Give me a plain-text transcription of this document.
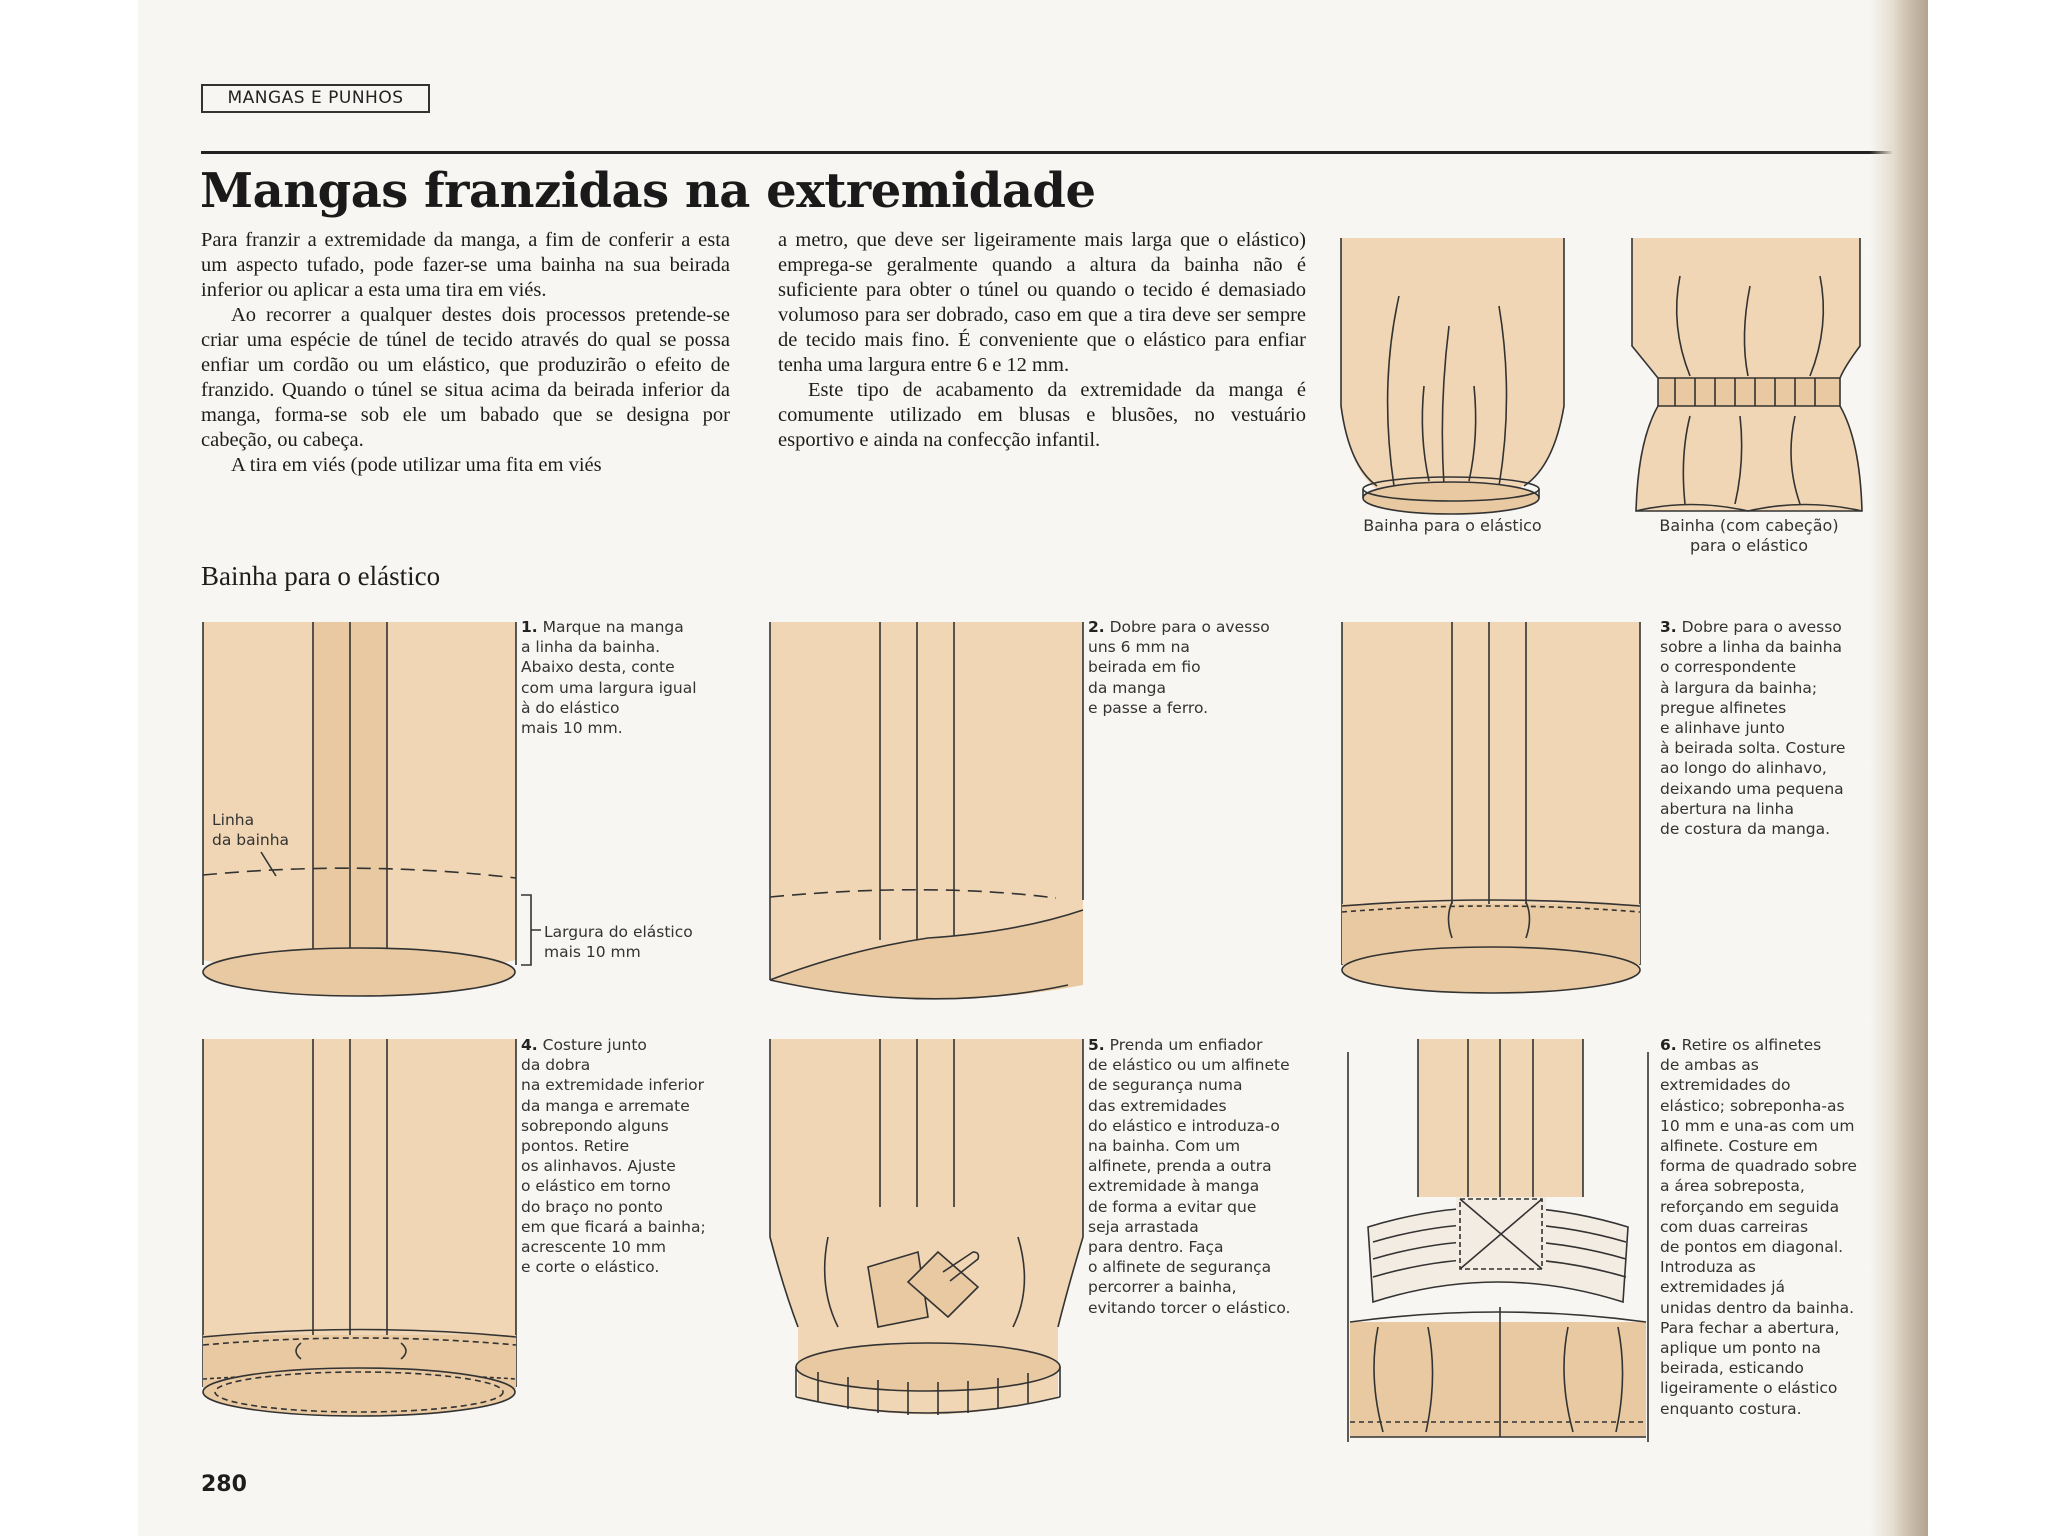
MANGAS E PUNHOS
Mangas franzidas na extremidade

Para franzir a extremidade da manga, a fim de conferir a esta um aspecto tufado, pode fazer-se uma bainha na sua beirada inferior ou aplicar a esta uma tira em viés.

Ao recorrer a qualquer destes dois processos pretende-se criar uma espécie de túnel de tecido através do qual se possa enfiar um cordão ou um elástico, que produzirão o efeito de franzido. Quando o túnel se situa acima da beirada inferior da manga, forma-se sob ele um babado que se designa por cabeção, ou cabeça.

A tira em viés (pode utilizar uma fita em viés

a metro, que deve ser ligeiramente mais larga que o elástico) emprega-se geralmente quando a altura da bainha não é suficiente para obter o túnel ou quando o tecido é demasiado volumoso para ser dobrado, caso em que a tira deve ser sempre de tecido mais fino. É conveniente que o elástico para enfiar tenha uma largura entre 6 e 12 mm.

Este tipo de acabamento da extremidade da manga é comumente utilizado em blusas e blusões, no vestuário esportivo e ainda na confecção infantil.

Bainha para o elástico	Bainha (com cabeção)
para o elástico
Bainha para o elástico
Linha
da bainha
Largura do elástico
mais 10 mm
1. Marque na manga
a linha da bainha.
Abaixo desta, conte
com uma largura igual
à do elástico
mais 10 mm.
2. Dobre para o avesso
uns 6 mm na
beirada em fio
da manga
e passe a ferro.
3. Dobre para o avesso
sobre a linha da bainha
o correspondente
à largura da bainha;
pregue alfinetes
e alinhave junto
à beirada solta. Costure
ao longo do alinhavo,
deixando uma pequena
abertura na linha
de costura da manga.
4. Costure junto
da dobra
na extremidade inferior
da manga e arremate
sobrepondo alguns
pontos. Retire
os alinhavos. Ajuste
o elástico em torno
do braço no ponto
em que ficará a bainha;
acrescente 10 mm
e corte o elástico.
5. Prenda um enfiador
de elástico ou um alfinete
de segurança numa
das extremidades
do elástico e introduza-o
na bainha. Com um
alfinete, prenda a outra
extremidade à manga
de forma a evitar que
seja arrastada
para dentro. Faça
o alfinete de segurança
percorrer a bainha,
evitando torcer o elástico.
6. Retire os alfinetes
de ambas as
extremidades do
elástico; sobreponha-as
10 mm e una-as com um
alfinete. Costure em
forma de quadrado sobre
a área sobreposta,
reforçando em seguida
com duas carreiras
de pontos em diagonal.
Introduza as
extremidades já
unidas dentro da bainha.
Para fechar a abertura,
aplique um ponto na
beirada, esticando
ligeiramente o elástico
enquanto costura.
280
